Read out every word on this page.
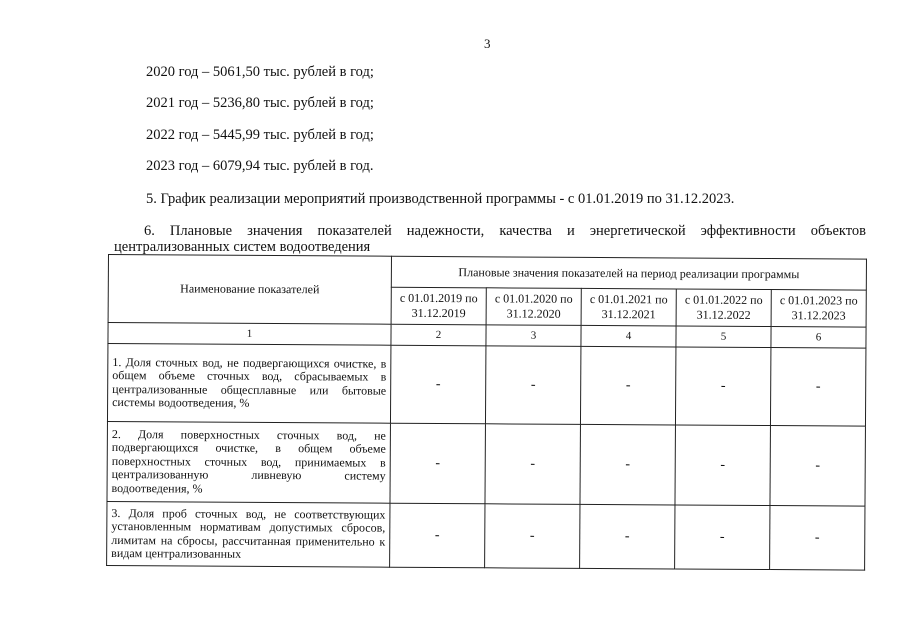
3
2020 год – 5061,50 тыс. рублей в год;
2021 год – 5236,80 тыс. рублей в год;
2022 год – 5445,99 тыс. рублей в год;
2023 год – 6079,94 тыс. рублей в год.
5. График реализации мероприятий производственной программы - с 01.01.2019 по 31.12.2023.
6. Плановые значения показателей надежности, качества и энергетической эффективности объектов централизованных систем водоотведения
Наименование показателей	Плановые значения показателей на период реализации программы				
	с 01.01.2019 по 31.12.2019	с 01.01.2020 по 31.12.2020	с 01.01.2021 по 31.12.2021	с 01.01.2022 по 31.12.2022	с 01.01.2023 по 31.12.2023
1	2	3	4	5	6
1. Доля сточных вод, не подвергающихся очистке, в общем объеме сточных вод, сбрасываемых в централизованные общесплавные или бытовые системы водоотведения, %	-	-	-	-	-
2. Доля поверхностных сточных вод, не подвергающихся очистке, в общем объеме поверхностных сточных вод, принимаемых в централизованную ливневую систему водоотведения, %	-	-	-	-	-
3. Доля проб сточных вод, не соответствующих установленным нормативам допустимых сбросов, лимитам на сбросы, рассчитанная применительно к видам централизованных	-	-	-	-	-
